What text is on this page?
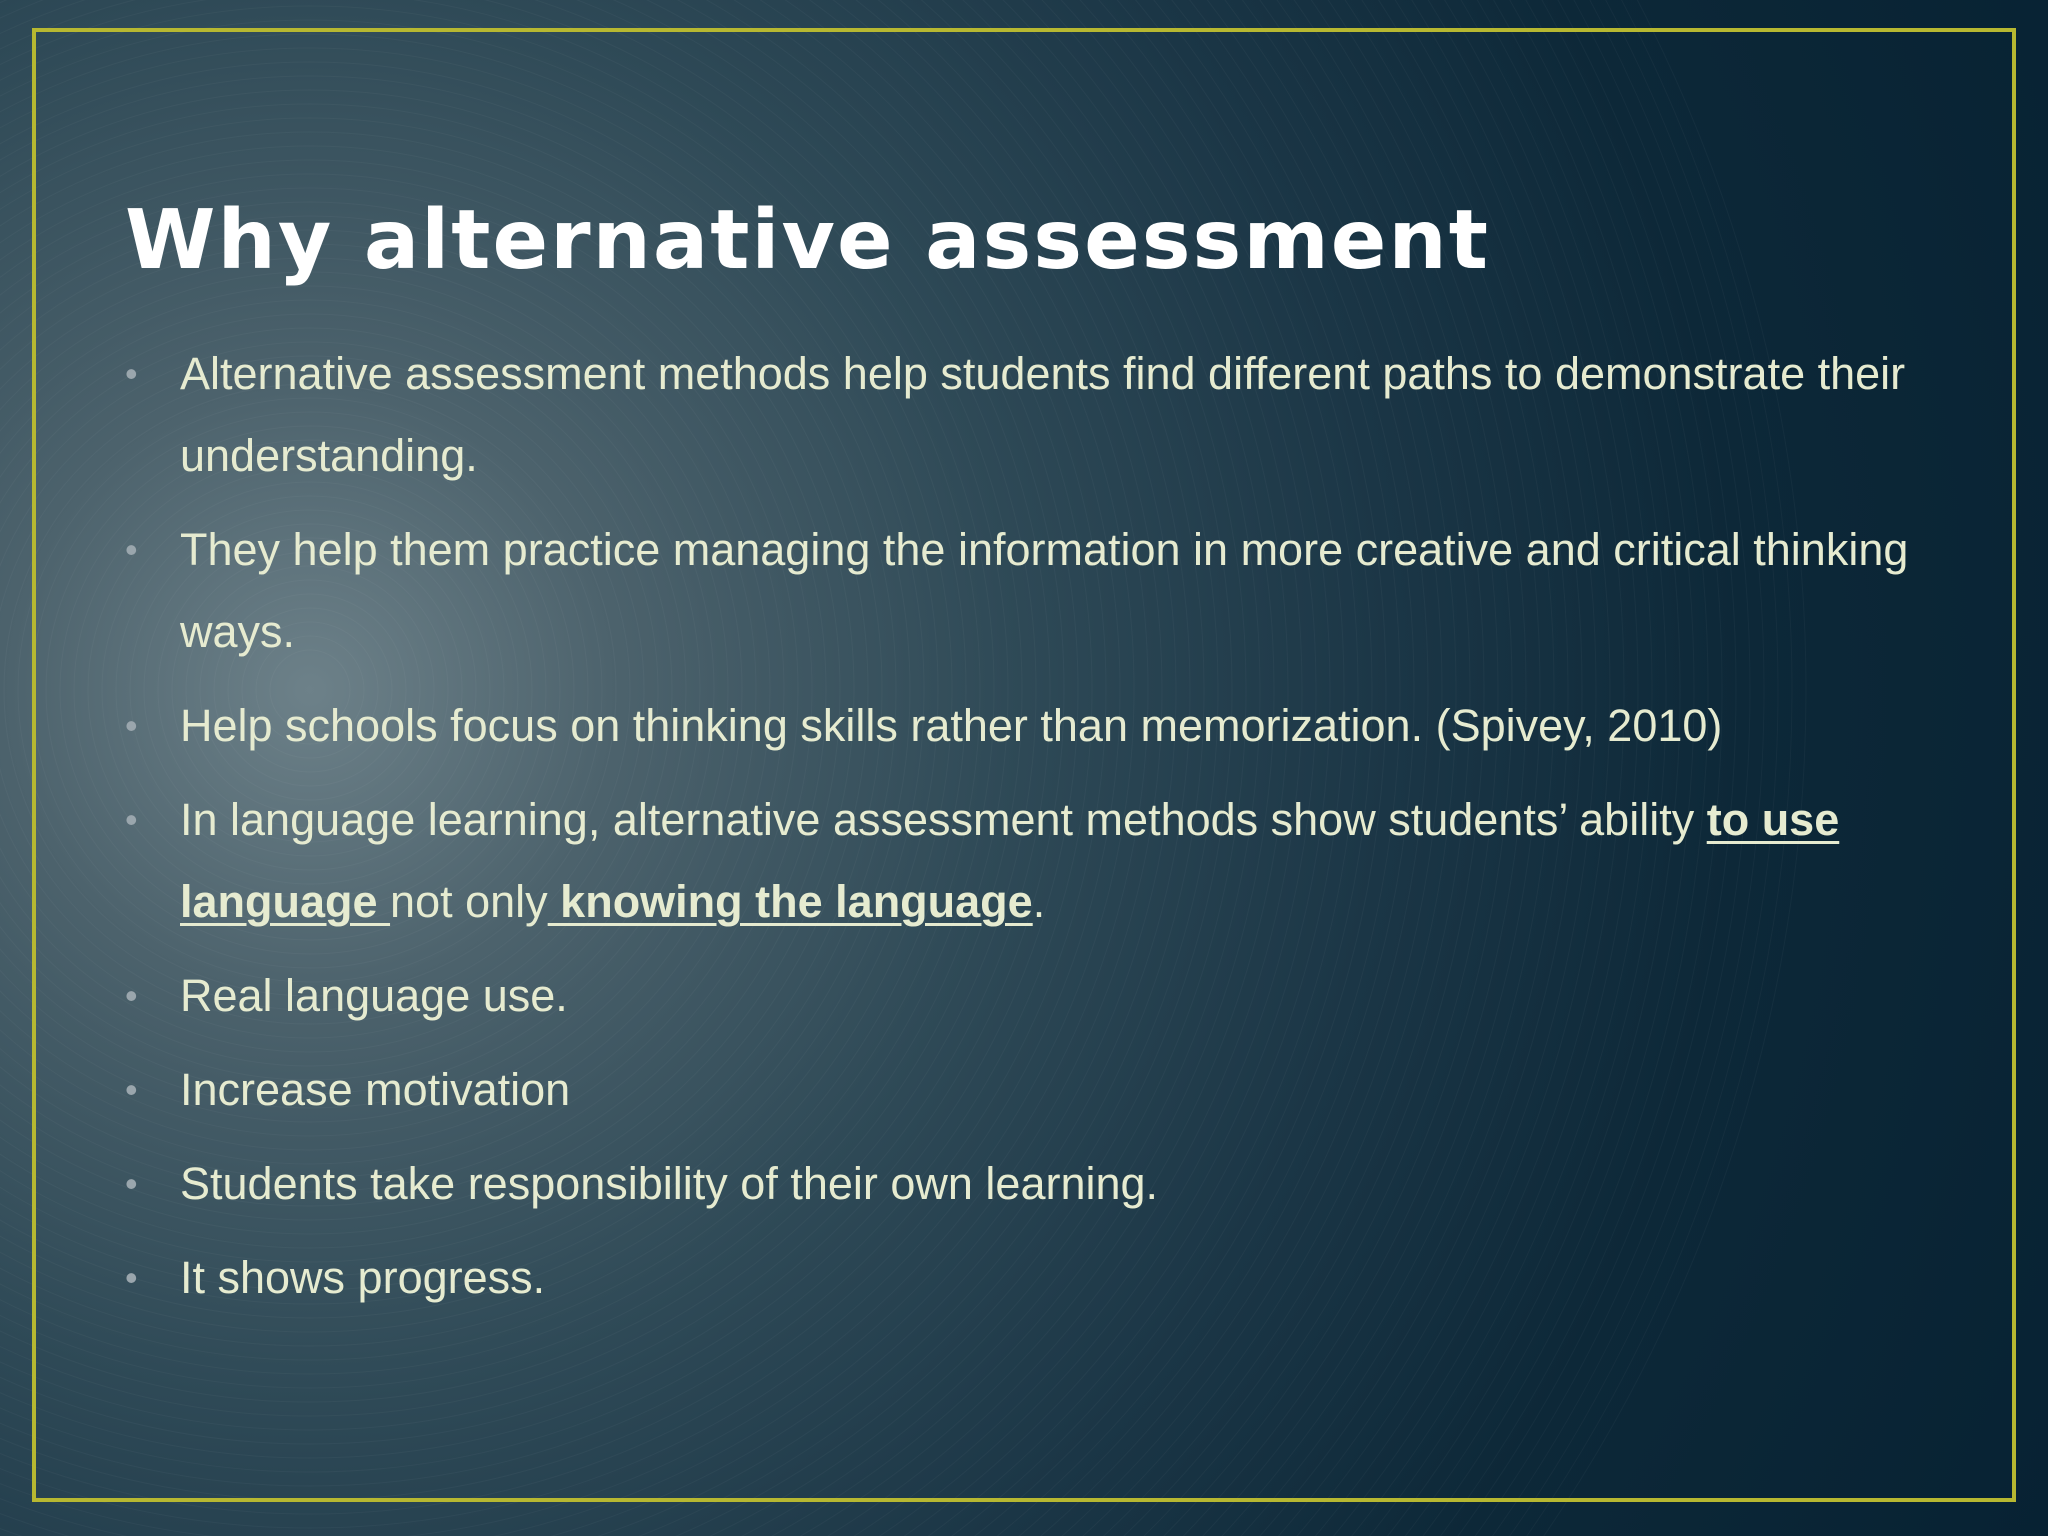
Why alternative assessment
• Alternative assessment methods help students find different paths to demonstrate their understanding.
• They help them practice managing the information in more creative and critical thinking ways.
• Help schools focus on thinking skills rather than memorization. (Spivey, 2010)
• In language learning, alternative assessment methods show students’ ability to use language not only knowing the language.
• Real language use.
• Increase motivation
• Students take responsibility of their own learning.
• It shows progress.
